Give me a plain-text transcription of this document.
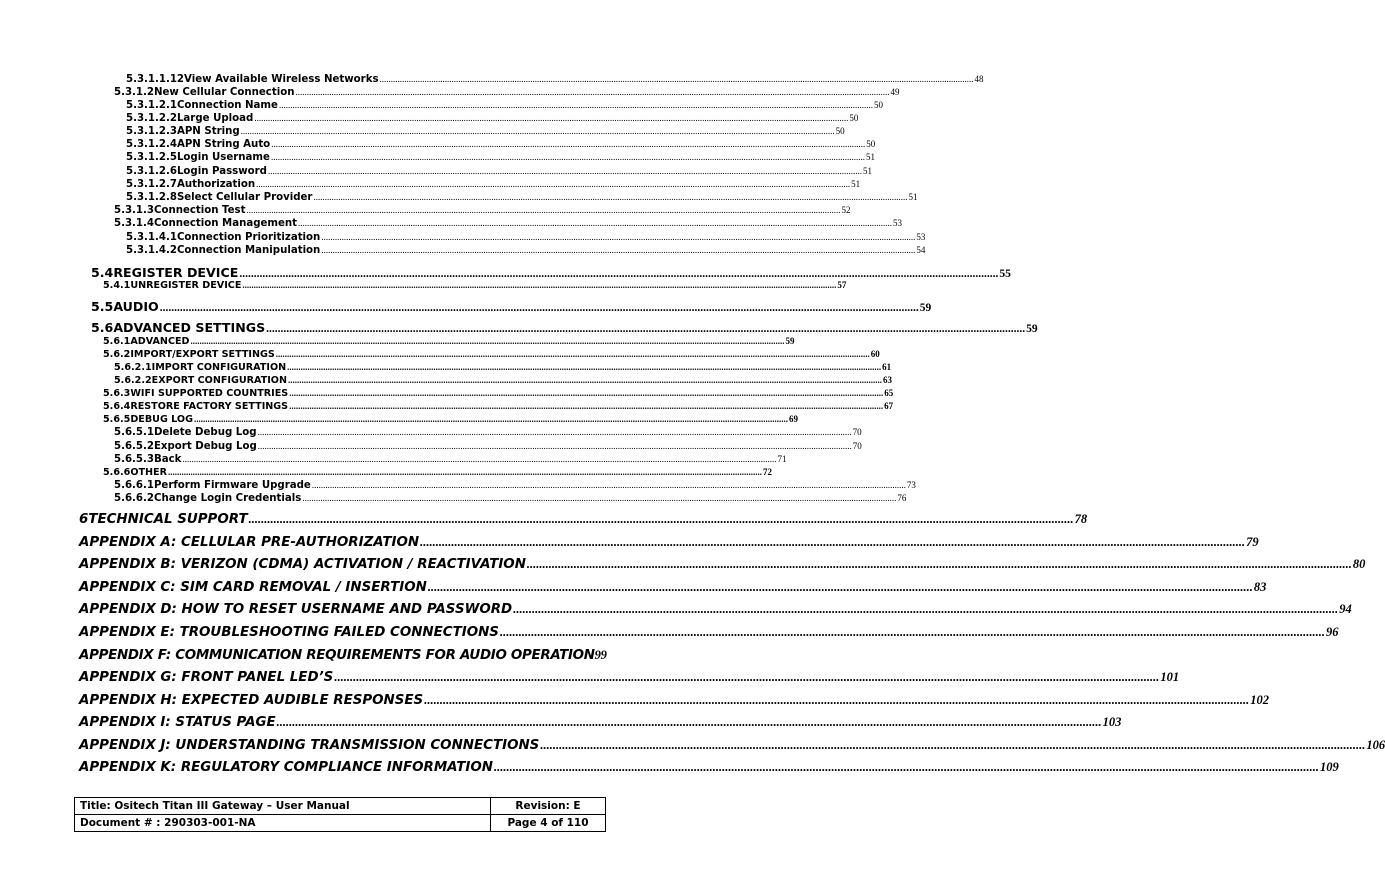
5.3.1.1.12 View Available Wireless Networks .....	48
5.3.1.2 New Cellular Connection .....	49
5.3.1.2.1 Connection Name .....	50
5.3.1.2.2 Large Upload .....	50
5.3.1.2.3 APN String .....	50
5.3.1.2.4 APN String Auto .....	50
5.3.1.2.5 Login Username .....	51
5.3.1.2.6 Login Password .....	51
5.3.1.2.7 Authorization .....	51
5.3.1.2.8 Select Cellular Provider .....	51
5.3.1.3 Connection Test .....	52
5.3.1.4 Connection Management .....	53
5.3.1.4.1 Connection Prioritization .....	53
5.3.1.4.2 Connection Manipulation .....	54
5.4 REGISTER DEVICE .....	55
5.4.1 UNREGISTER DEVICE .....	57
5.5 AUDIO .....	59
5.6 ADVANCED SETTINGS .....	59
5.6.1 ADVANCED .....	59
5.6.2 IMPORT/EXPORT SETTINGS .....	60
5.6.2.1 IMPORT CONFIGURATION .....	61
5.6.2.2 EXPORT CONFIGURATION .....	63
5.6.3 WIFI SUPPORTED COUNTRIES .....	65
5.6.4 RESTORE FACTORY SETTINGS .....	67
5.6.5 DEBUG LOG .....	69
5.6.5.1 Delete Debug Log .....	70
5.6.5.2 Export Debug Log .....	70
5.6.5.3 Back .....	71
5.6.6 OTHER .....	72
5.6.6.1 Perform Firmware Upgrade .....	73
5.6.6.2 Change Login Credentials .....	76
6 TECHNICAL SUPPORT .....	78
APPENDIX A: CELLULAR PRE-AUTHORIZATION .....	79
APPENDIX B: VERIZON (CDMA) ACTIVATION / REACTIVATION .....	80
APPENDIX C: SIM CARD REMOVAL / INSERTION .....	83
APPENDIX D: HOW TO RESET USERNAME AND PASSWORD .....	94
APPENDIX E: TROUBLESHOOTING FAILED CONNECTIONS .....	96
APPENDIX F: COMMUNICATION REQUIREMENTS FOR AUDIO OPERATION 99
APPENDIX G: FRONT PANEL LED’S .....	101
APPENDIX H: EXPECTED AUDIBLE RESPONSES .....	102
APPENDIX I: STATUS PAGE .....	103
APPENDIX J: UNDERSTANDING TRANSMISSION CONNECTIONS .....	106
APPENDIX K: REGULATORY COMPLIANCE INFORMATION .....	109
Title: Ositech Titan III Gateway – User Manual	Revision: E
Document # : 290303-001-NA	Page 4 of 110
